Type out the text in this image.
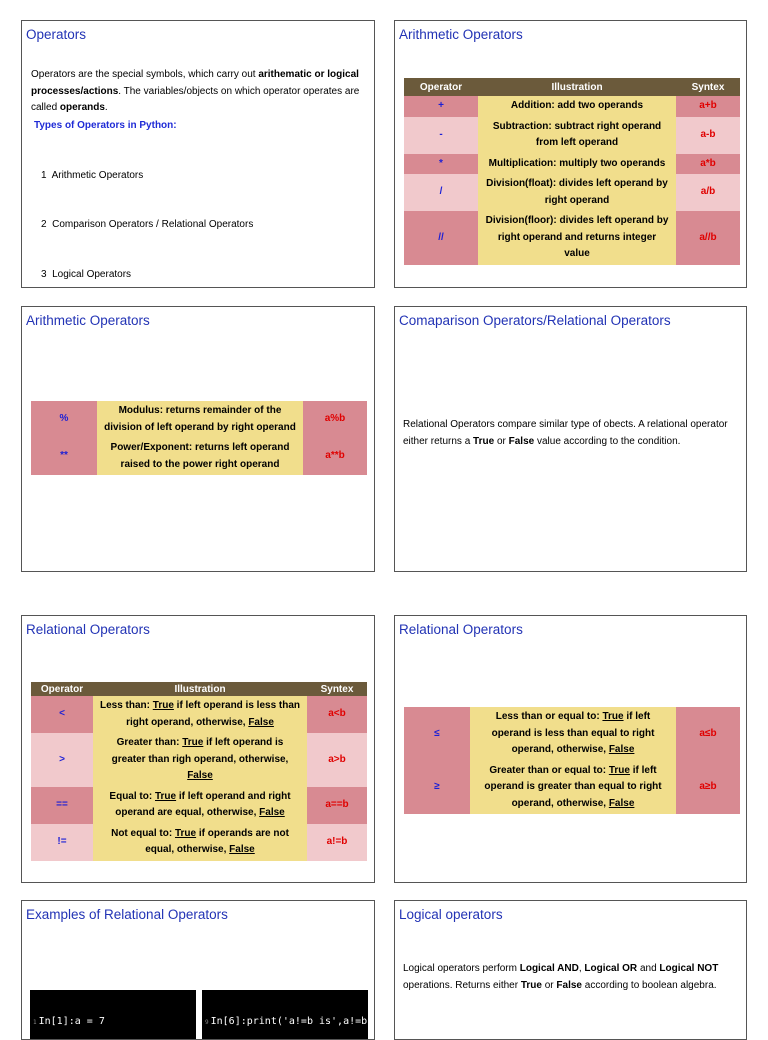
Operators
Operators are the special symbols, which carry out arithematic or logical processes/actions. The variables/objects on which operator operates are called operands.
Types of Operators in Python:

1  Arithmetic Operators

2  Comparison Operators / Relational Operators

3  Logical Operators

Arithmetic Operators
Operator	Illustration	Syntex
+	Addition: add two operands	a+b
-	Subtraction: subtract right operand from left operand	a-b
*	Multiplication: multiply two operands	a*b
/	Division(float): divides left operand by right operand	a/b
//	Division(floor): divides left operand by right operand and returns integer value	a//b
Arithmetic Operators
%	Modulus: returns remainder of the division of left operand by right operand	a%b
**	Power/Exponent: returns left operand raised to the power right operand	a**b
Comaparison Operators/Relational Operators
Relational Operators compare similar type of obects. A relational operator either returns a True or False value according to the condition.
Relational Operators
Operator	Illustration	Syntex
<	Less than: True if left operand is less than right operand, otherwise, False	a<b
>	Greater than: True if left operand is greater than righ operand, otherwise, False	a>b
==	Equal to: True if left operand and right operand are equal, otherwise, False	a==b
!=	Not equal to: True if operands are not equal, otherwise, False	a!=b
Relational Operators
≤	Less than or equal to: True if left operand is less than equal to right operand, otherwise, False	a≤b
≥	Greater than or equal to: True if left operand is greater than equal to right operand, otherwise, False	a≥b
Examples of Relational Operators

1 In[1]:a = 7

	9 In[6]:print('a!=b is',a!=b)

Logical operators
Logical operators perform Logical AND, Logical OR and Logical NOT operations. Returns either True or False according to boolean algebra.
